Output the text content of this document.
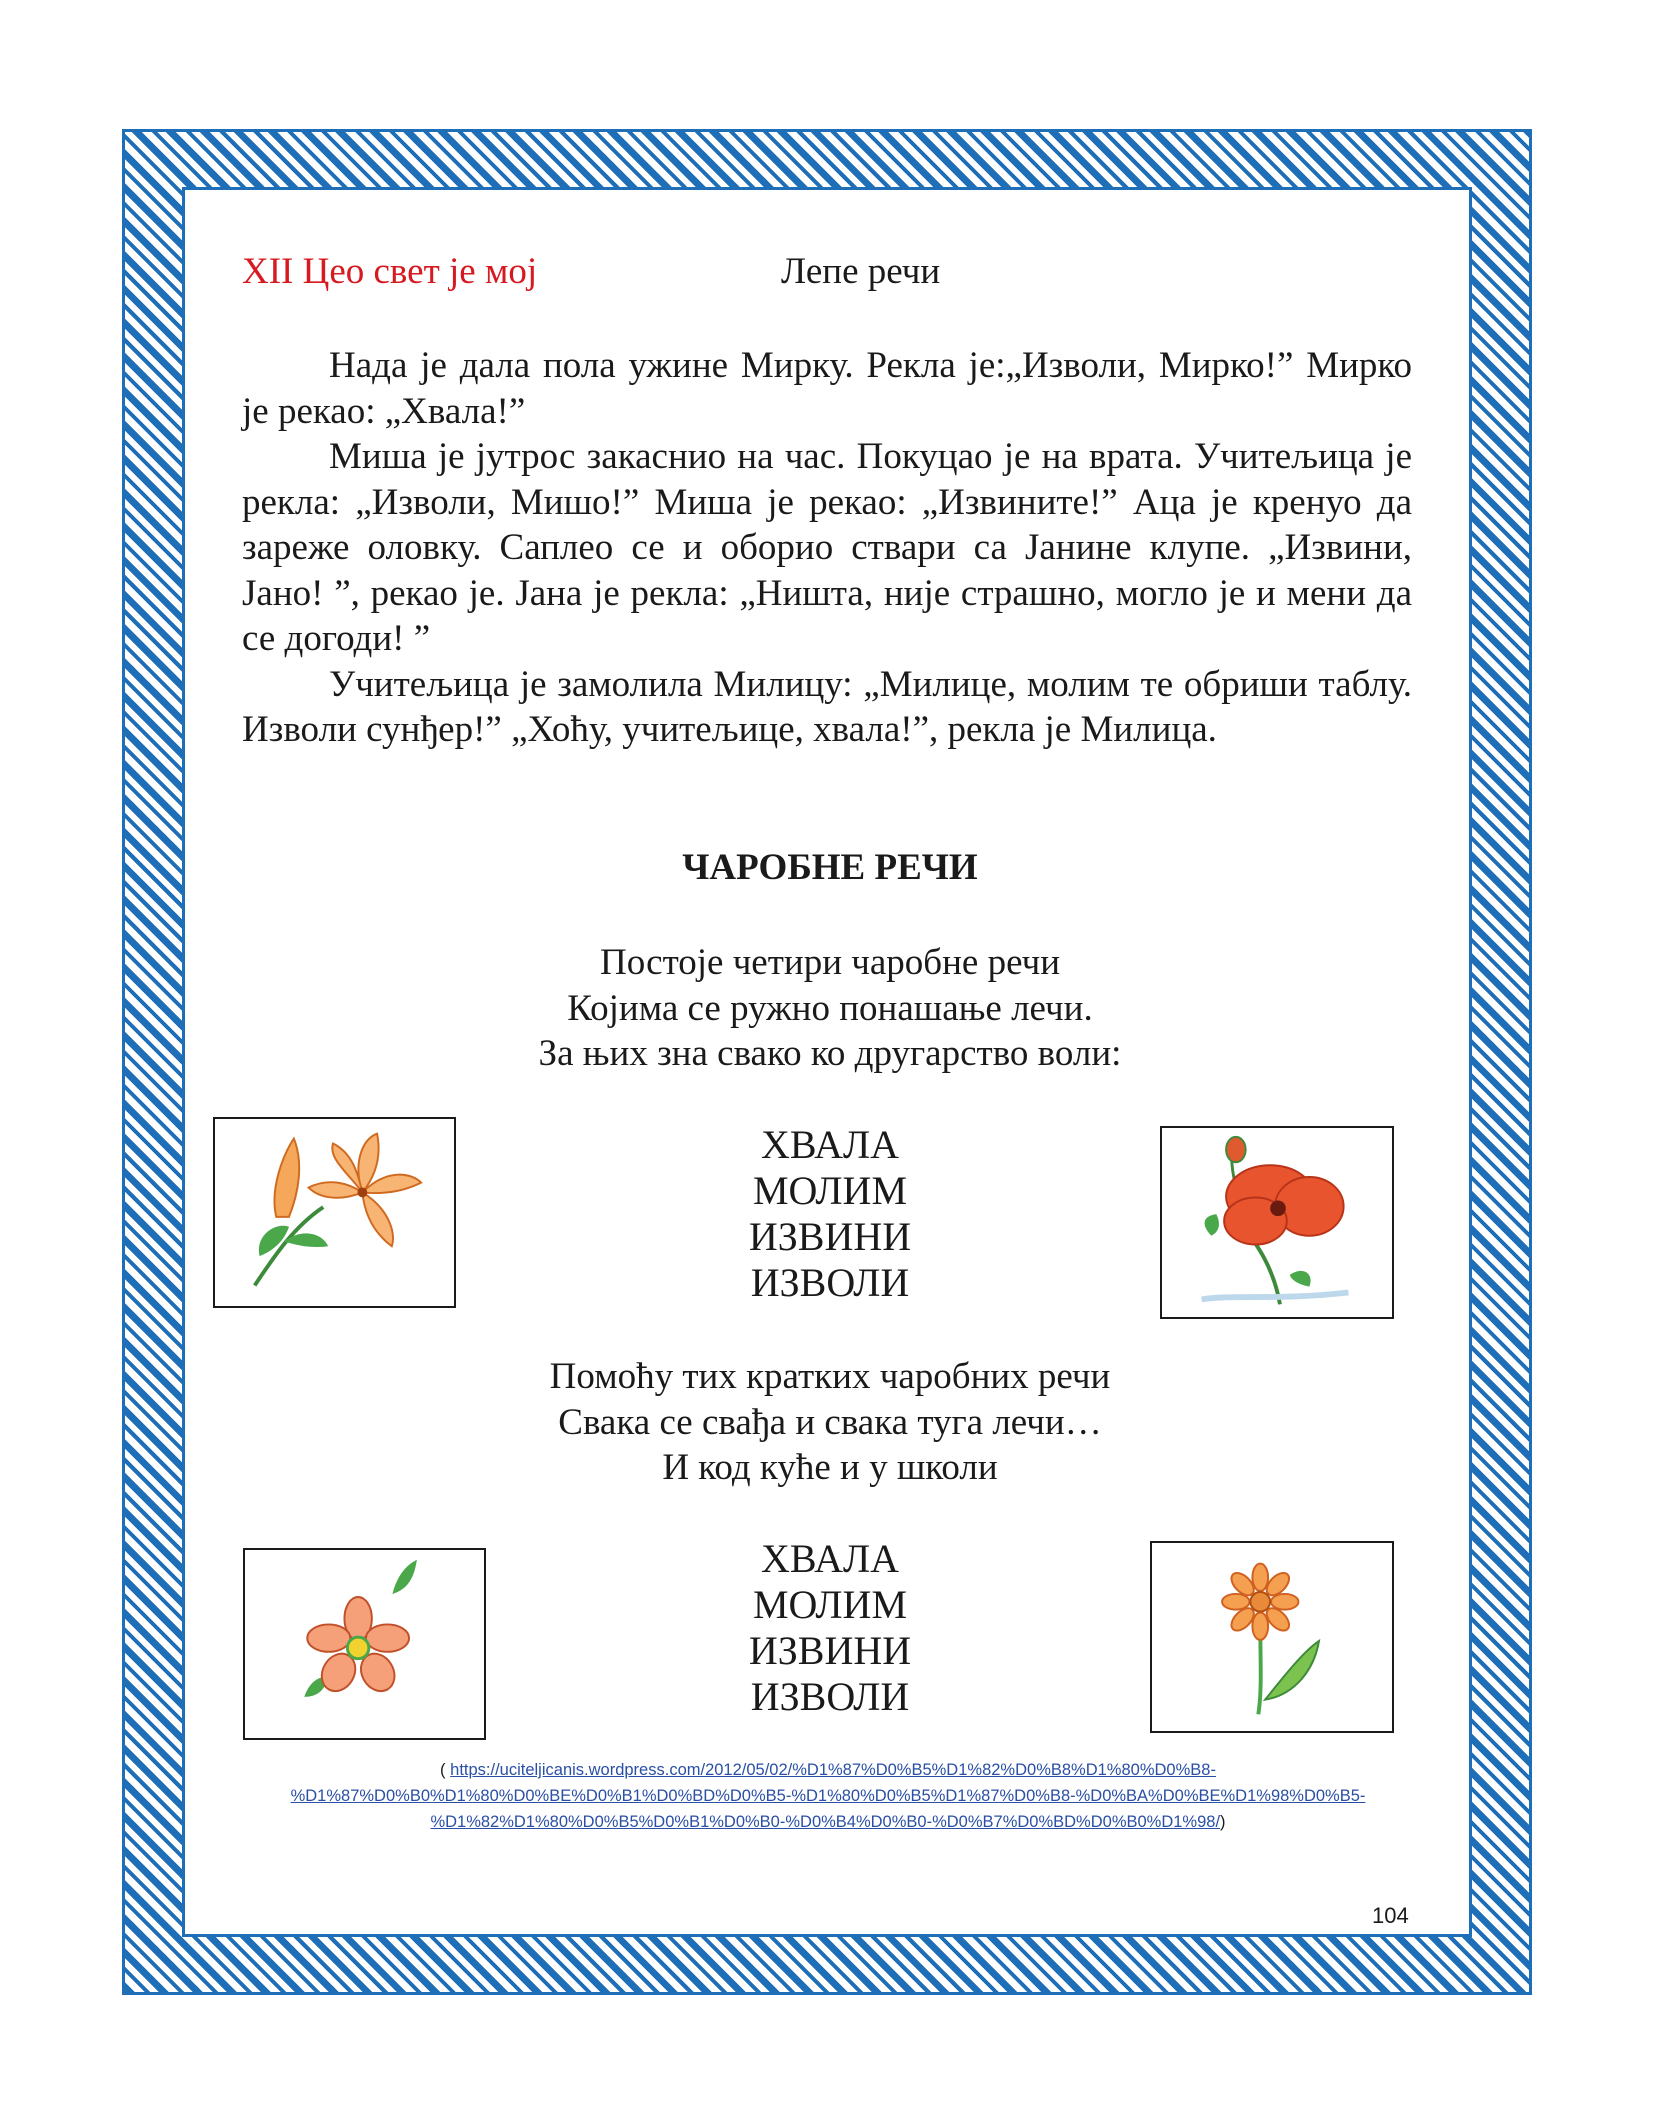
XII Цео свет је мој	Лепе речи

Нада је дала пола ужине Мирку. Рекла је:„Изволи, Мирко!” Мирко је рекао: „Хвала!”

Миша је јутрос закаснио на час. Покуцао је на врата. Учитељица је рекла: „Изволи, Мишо!” Миша је рекао: „Извините!” Аца је кренуо да зареже оловку. Саплео се и оборио ствари са Јанине клупе. „Извини, Јано! ”, рекао је. Јана је рекла: „Ништа, није страшно, могло је и мени да се догоди! ”

Учитељица је замолила Милицу: „Милице, молим те обриши таблу. Изволи сунђер!” „Хоћу, учитељице, хвала!”, рекла је Милица.

ЧАРОБНЕ РЕЧИ
Постоје четири чаробне речи
Којима се ружно понашање лечи.
За њих зна свако ко другарство воли:
ХВАЛА
МОЛИМ
ИЗВИНИ
ИЗВОЛИ
Помоћу тих кратких чаробних речи
Свака се свађа и свака туга лечи…
И код куће и у школи
ХВАЛА
МОЛИМ
ИЗВИНИ
ИЗВОЛИ
( https://uciteljicanis.wordpress.com/2012/05/02/%D1%87%D0%B5%D1%82%D0%B8%D1%80%D0%B8-
%D1%87%D0%B0%D1%80%D0%BE%D0%B1%D0%BD%D0%B5-%D1%80%D0%B5%D1%87%D0%B8-%D0%BA%D0%BE%D1%98%D0%B5-
%D1%82%D1%80%D0%B5%D0%B1%D0%B0-%D0%B4%D0%B0-%D0%B7%D0%BD%D0%B0%D1%98/)
104
